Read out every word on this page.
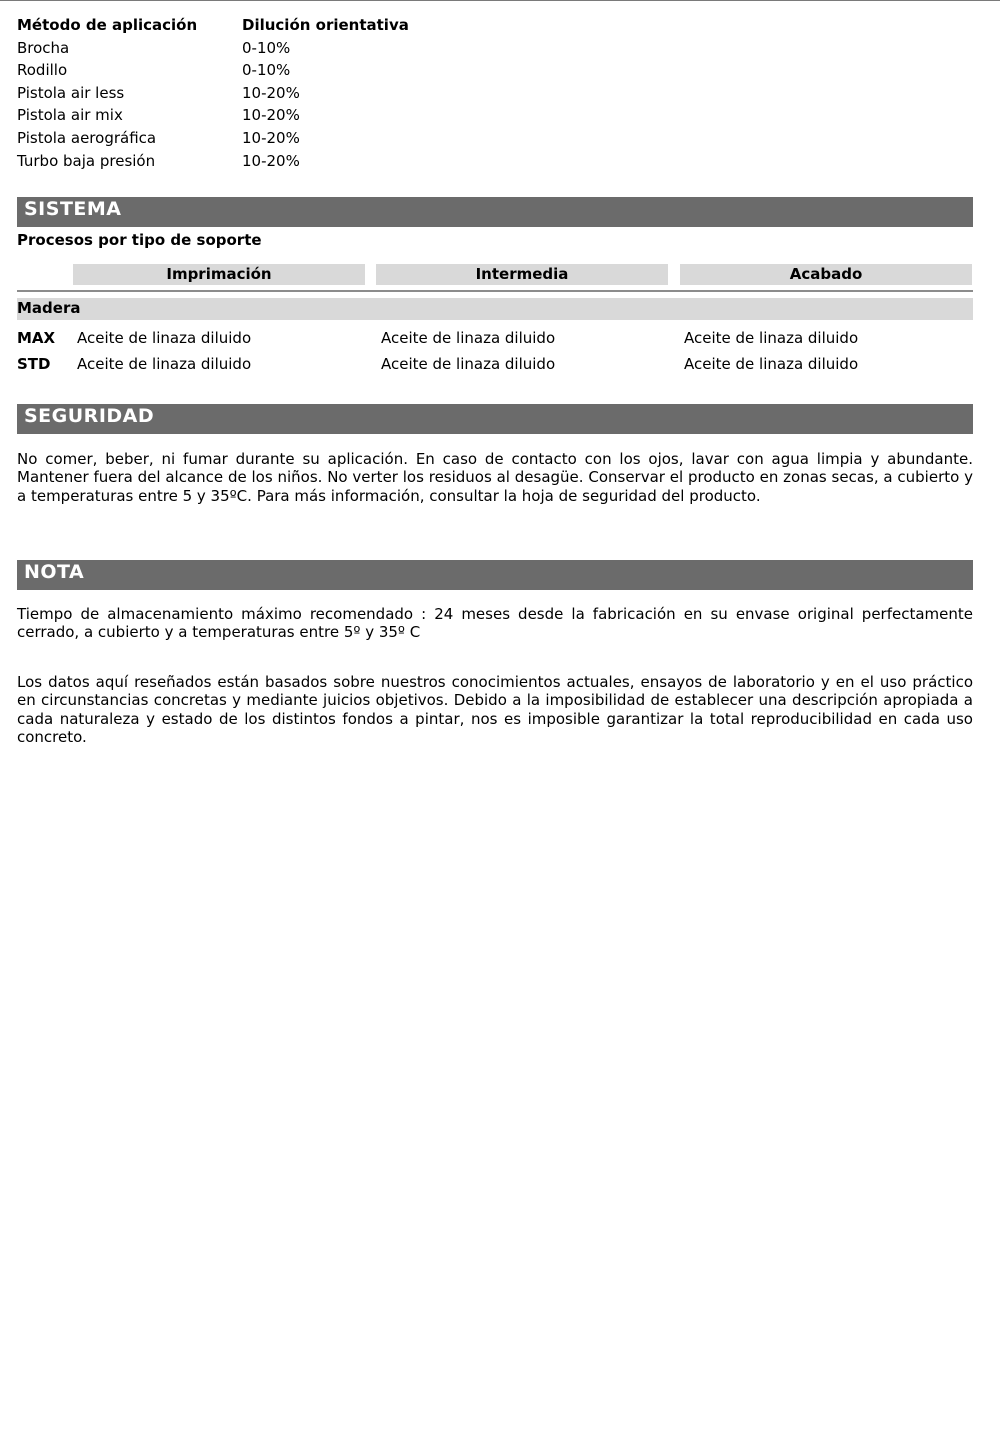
Método de aplicación	Dilución orientativa
Brocha	0-10%
Rodillo	0-10%
Pistola air less	10-20%
Pistola air mix	10-20%
Pistola aerográfica	10-20%
Turbo baja presión	10-20%
SISTEMA
Procesos por tipo de soporte
Imprimación	Intermedia	Acabado
Madera
MAX Aceite de linaza diluido	Aceite de linaza diluido	Aceite de linaza diluido
STD Aceite de linaza diluido	Aceite de linaza diluido	Aceite de linaza diluido
SEGURIDAD

No comer, beber, ni fumar durante su aplicación. En caso de contacto con los ojos, lavar con agua limpia y abundante. Mantener fuera del alcance de los niños. No verter los residuos al desagüe. Conservar el producto en zonas secas, a cubierto y a temperaturas entre 5 y 35ºC. Para más información, consultar la hoja de seguridad del producto.

NOTA

Tiempo de almacenamiento máximo recomendado : 24 meses desde la fabricación en su envase original perfectamente cerrado, a cubierto y a temperaturas entre 5º y 35º C

Los datos aquí reseñados están basados sobre nuestros conocimientos actuales, ensayos de laboratorio y en el uso práctico en circunstancias concretas y mediante juicios objetivos. Debido a la imposibilidad de establecer una descripción apropiada a cada naturaleza y estado de los distintos fondos a pintar, nos es imposible garantizar la total reproducibilidad en cada uso concreto.
